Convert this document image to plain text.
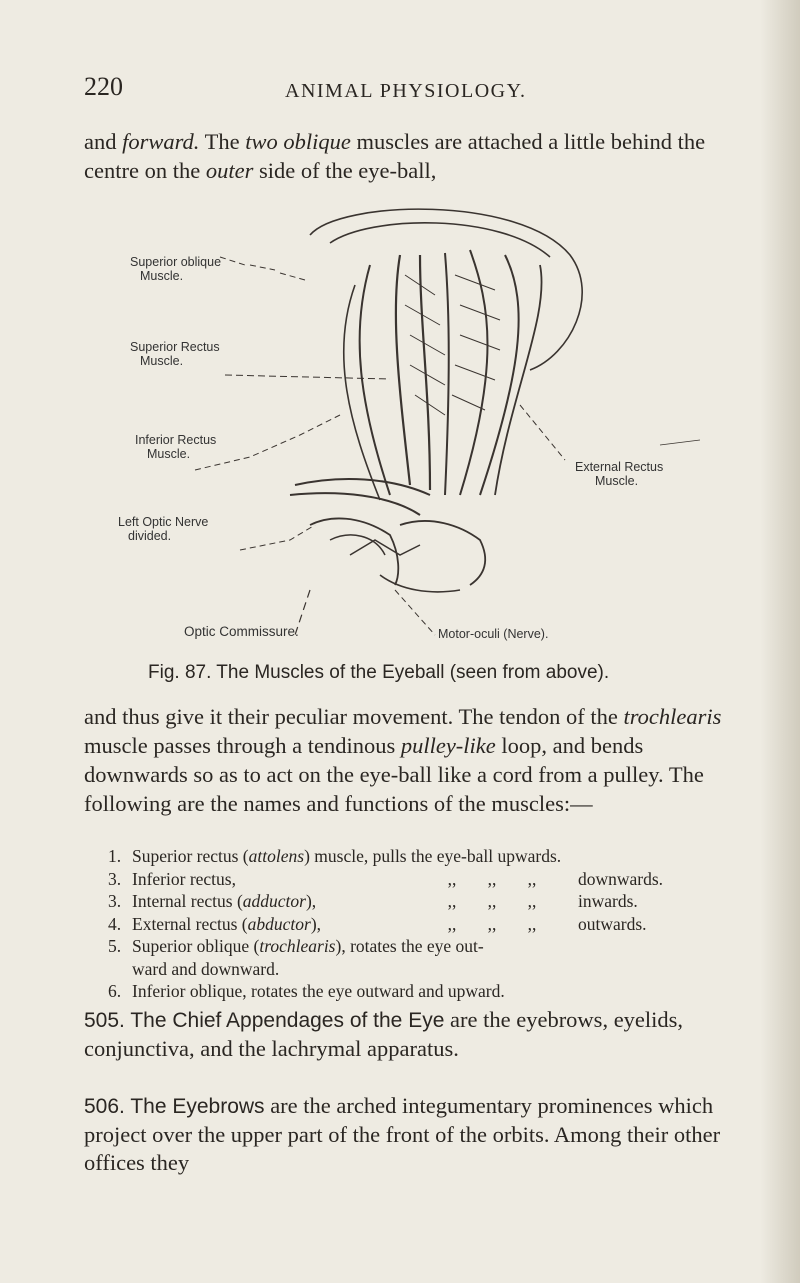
220	ANIMAL PHYSIOLOGY.

and forward. The two oblique muscles are attached a little behind the centre on the outer side of the eye-ball,

Superior oblique
Muscle.
Superior Rectus
Muscle.
Inferior Rectus
Muscle.
Left Optic Nerve
divided.
External Rectus
Muscle.
Optic Commissure.	Motor-oculi (Nerve).
Fig. 87. The Muscles of the Eyeball (seen from above).

and thus give it their peculiar movement. The tendon of the trochlearis muscle passes through a tendinous pulley-like loop, and bends downwards so as to act on the eye-ball like a cord from a pulley. The following are the names and functions of the muscles:—

1. Superior rectus (attolens) muscle, pulls the eye-ball upwards.
3. Inferior rectus,	,, ,, ,, downwards.
3. Internal rectus (adductor),	,, ,, ,, inwards.
4. External rectus (abductor),	,, ,, ,, outwards.
5. Superior oblique (trochlearis), rotates the eye out-
ward and downward.
6. Inferior oblique, rotates the eye outward and upward.

505. The Chief Appendages of the Eye are the eyebrows, eyelids, conjunctiva, and the lachrymal apparatus.

506. The Eyebrows are the arched integumentary prominences which project over the upper part of the front of the orbits. Among their other offices they
